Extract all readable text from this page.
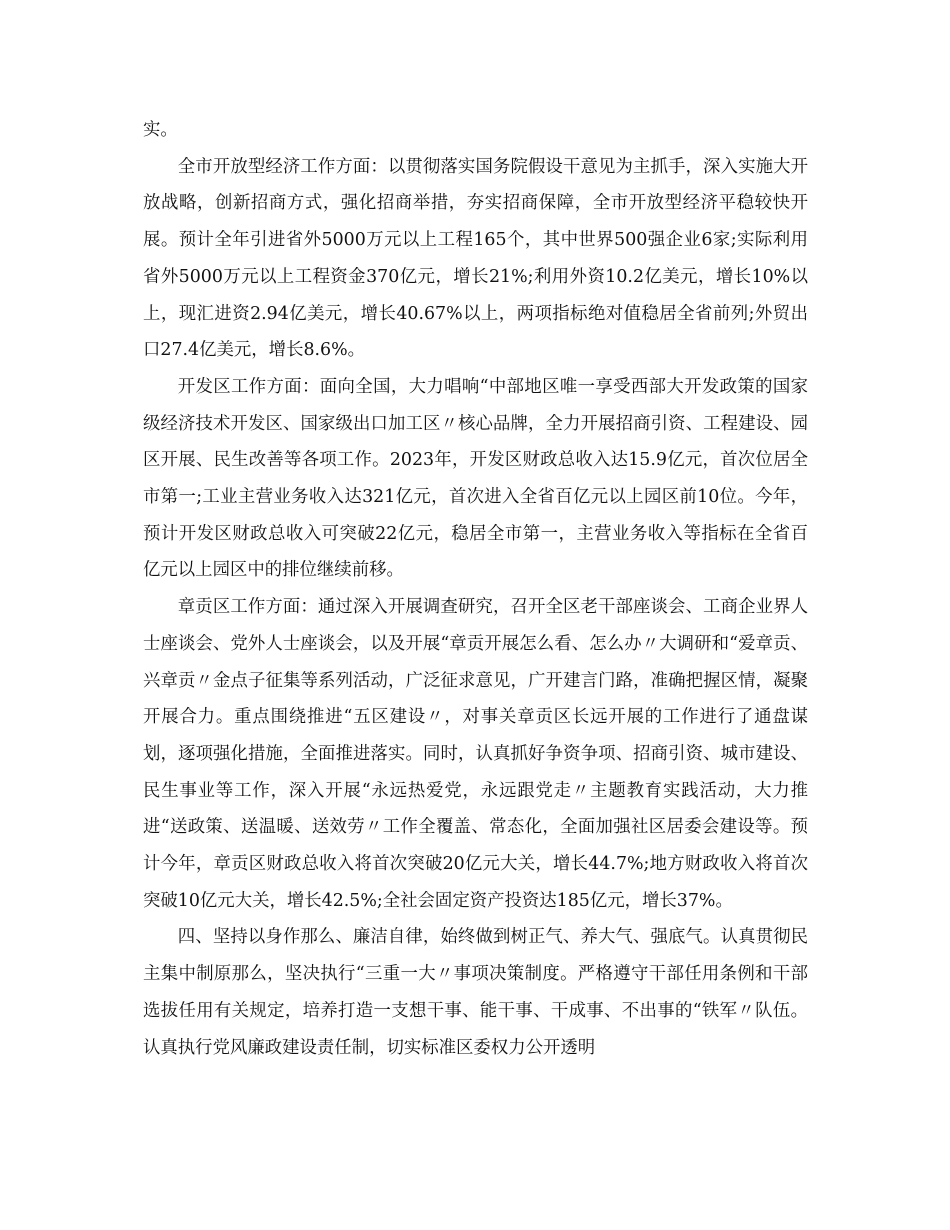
实。

全市开放型经济工作方面：以贯彻落实国务院假设干意见为主抓手，深入实施大开放战略，创新招商方式，强化招商举措，夯实招商保障，全市开放型经济平稳较快开展。预计全年引进省外5000万元以上工程165个，其中世界500强企业6家;实际利用省外5000万元以上工程资金370亿元，增长21%;利用外资10.2亿美元，增长10%以上，现汇进资2.94亿美元，增长40.67%以上，两项指标绝对值稳居全省前列;外贸出口27.4亿美元，增长8.6%。

开发区工作方面：面向全国，大力唱响“中部地区唯一享受西部大开发政策的国家级经济技术开发区、国家级出口加工区〃核心品牌，全力开展招商引资、工程建设、园区开展、民生改善等各项工作。2023年，开发区财政总收入达15.9亿元，首次位居全市第一;工业主营业务收入达321亿元，首次进入全省百亿元以上园区前10位。今年，预计开发区财政总收入可突破22亿元，稳居全市第一，主营业务收入等指标在全省百亿元以上园区中的排位继续前移。

章贡区工作方面：通过深入开展调查研究，召开全区老干部座谈会、工商企业界人士座谈会、党外人士座谈会，以及开展“章贡开展怎么看、怎么办〃大调研和“爱章贡、兴章贡〃金点子征集等系列活动，广泛征求意见，广开建言门路，准确把握区情，凝聚开展合力。重点围绕推进“五区建设〃，对事关章贡区长远开展的工作进行了通盘谋划，逐项强化措施，全面推进落实。同时，认真抓好争资争项、招商引资、城市建设、民生事业等工作，深入开展“永远热爱党，永远跟党走〃主题教育实践活动，大力推进“送政策、送温暖、送效劳〃工作全覆盖、常态化，全面加强社区居委会建设等。预计今年，章贡区财政总收入将首次突破20亿元大关，增长44.7%;地方财政收入将首次突破10亿元大关，增长42.5%;全社会固定资产投资达185亿元，增长37%。

四、坚持以身作那么、廉洁自律，始终做到树正气、养大气、强底气。认真贯彻民主集中制原那么，坚决执行“三重一大〃事项决策制度。严格遵守干部任用条例和干部选拔任用有关规定，培养打造一支想干事、能干事、干成事、不出事的“铁军〃队伍。认真执行党风廉政建设责任制，切实标准区委权力公开透明
